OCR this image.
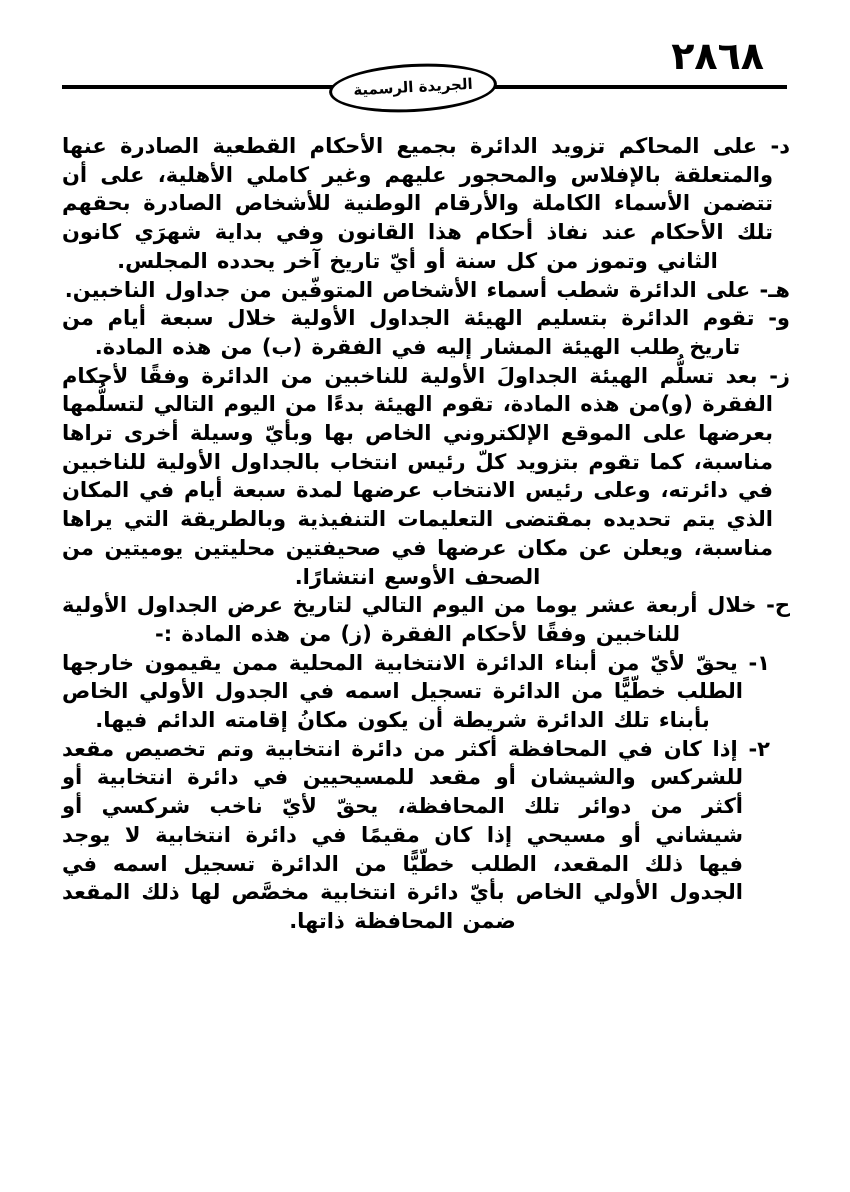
٢٨٦٨
الجريدة الرسمية

د- على المحاكم تزويد الدائرة بجميع الأحكام القطعية الصادرة عنها والمتعلقة بالإفلاس والمحجور عليهم وغير كاملي الأهلية، على أن تتضمن الأسماء الكاملة والأرقام الوطنية للأشخاص الصادرة بحقهم تلك الأحكام عند نفاذ أحكام هذا القانون وفي بداية شهرَي كانون الثاني وتموز من كل سنة أو أيّ تاريخ آخر يحدده المجلس.

هـ- على الدائرة شطب أسماء الأشخاص المتوفّين من جداول الناخبين.

و- تقوم الدائرة بتسليم الهيئة الجداول الأولية خلال سبعة أيام من تاريخ طلب الهيئة المشار إليه في الفقرة (ب) من هذه المادة.

ز- بعد تسلُّم الهيئة الجداولَ الأولية للناخبين من الدائرة وفقًا لأحكام الفقرة (و)من هذه المادة، تقوم الهيئة بدءًا من اليوم التالي لتسلُّمها بعرضها على الموقع الإلكتروني الخاص بها وبأيّ وسيلة أخرى تراها مناسبة، كما تقوم بتزويد كلّ رئيس انتخاب بالجداول الأولية للناخبين في دائرته، وعلى رئيس الانتخاب عرضها لمدة سبعة أيام في المكان الذي يتم تحديده بمقتضى التعليمات التنفيذية وبالطريقة التي يراها مناسبة، ويعلن عن مكان عرضها في صحيفتين محليتين يوميتين من الصحف الأوسع انتشارًا.

ح- خلال أربعة عشر يوما من اليوم التالي لتاريخ عرض الجداول الأولية للناخبين وفقًا لأحكام الفقرة (ز) من هذه المادة :-

١- يحقّ لأيّ من أبناء الدائرة الانتخابية المحلية ممن يقيمون خارجها الطلب خطّيًّا من الدائرة تسجيل اسمه في الجدول الأولي الخاص بأبناء تلك الدائرة شريطة أن يكون مكانُ إقامته الدائم فيها.

٢- إذا كان في المحافظة أكثر من دائرة انتخابية وتم تخصيص مقعد للشركس والشيشان أو مقعد للمسيحيين في دائرة انتخابية أو أكثر من دوائر تلك المحافظة، يحقّ لأيّ ناخب شركسي أو شيشاني أو مسيحي إذا كان مقيمًا في دائرة انتخابية لا يوجد فيها ذلك المقعد، الطلب خطّيًّا من الدائرة تسجيل اسمه في الجدول الأولي الخاص بأيّ دائرة انتخابية مخصَّص لها ذلك المقعد ضمن المحافظة ذاتها.
